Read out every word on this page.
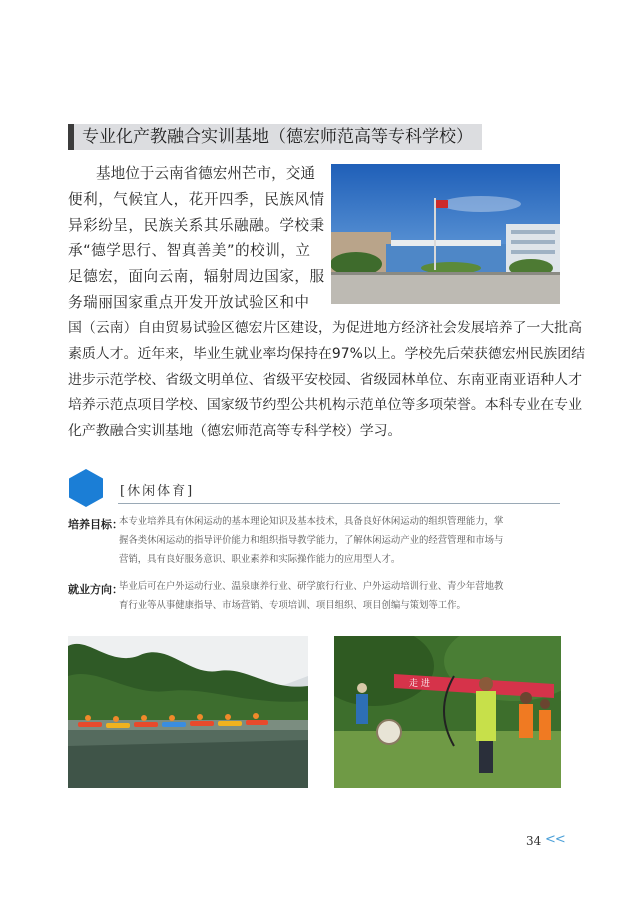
专业化产教融合实训基地（德宏师范高等专科学校）
基地位于云南省德宏州芒市，交通
便利，气候宜人，花开四季，民族风情
异彩纷呈，民族关系其乐融融。学校秉
承“德学思行、智真善美”的校训，立
足德宏，面向云南，辐射周边国家，服
务瑞丽国家重点开发开放试验区和中
国（云南）自由贸易试验区德宏片区建设，为促进地方经济社会发展培养了一大批高
素质人才。近年来，毕业生就业率均保持在97%以上。学校先后荣获德宏州民族团结
进步示范学校、省级文明单位、省级平安校园、省级园林单位、东南亚南亚语种人才
培养示范点项目学校、国家级节约型公共机构示范单位等多项荣誉。本科专业在专业
化产教融合实训基地（德宏师范高等专科学校）学习。
[休闲体育]
培养目标：
本专业培养具有休闲运动的基本理论知识及基本技术，具备良好休闲运动的组织管理能力，掌
握各类休闲运动的指导评价能力和组织指导教学能力，了解休闲运动产业的经营管理和市场与
营销，具有良好服务意识、职业素养和实际操作能力的应用型人才。
就业方向：
毕业后可在户外运动行业、温泉康养行业、研学旅行行业、户外运动培训行业、青少年营地教
育行业等从事健康指导、市场营销、专项培训、项目组织、项目创编与策划等工作。
走 进
34 <<
